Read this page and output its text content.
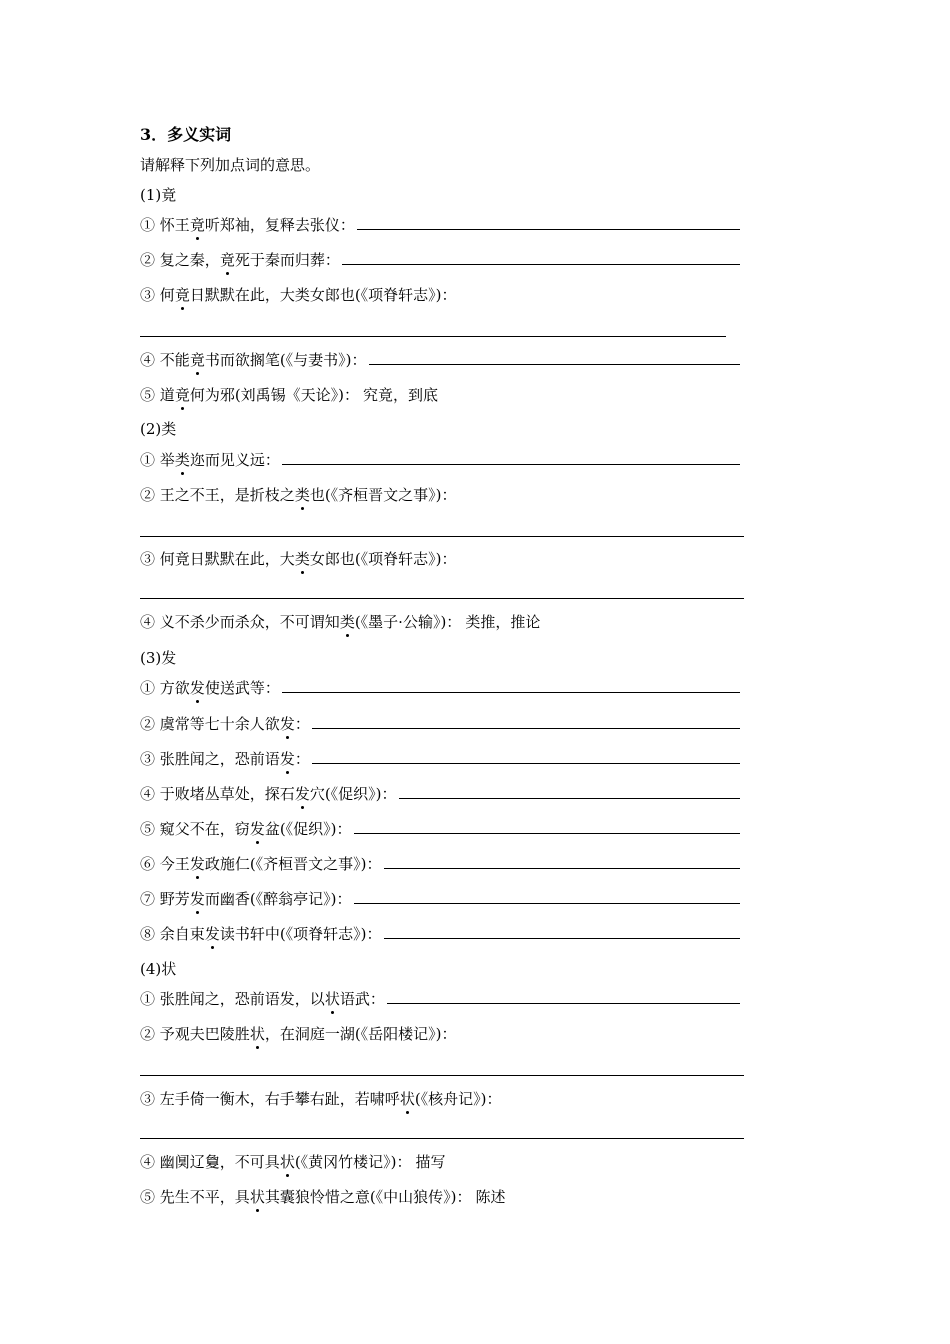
3．多义实词
请解释下列加点词的意思。
(1)竟
① 怀王竟听郑袖，复释去张仪：
② 复之秦，竟死于秦而归葬：
③ 何竟日默默在此，大类女郎也(《项脊轩志》)：
④ 不能竟书而欲搁笔(《与妻书》)：
⑤ 道竟何为邪(刘禹锡《天论》)： 究竟，到底
(2)类
① 举类迩而见义远：
② 王之不王，是折枝之类也(《齐桓晋文之事》)：
③ 何竟日默默在此，大类女郎也(《项脊轩志》)：
④ 义不杀少而杀众，不可谓知类(《墨子·公输》)： 类推，推论
(3)发
① 方欲发使送武等：
② 虞常等七十余人欲发：
③ 张胜闻之，恐前语发：
④ 于败堵丛草处，探石发穴(《促织》)：
⑤ 窥父不在，窃发盆(《促织》)：
⑥ 今王发政施仁(《齐桓晋文之事》)：
⑦ 野芳发而幽香(《醉翁亭记》)：
⑧ 余自束发读书轩中(《项脊轩志》)：
(4)状
① 张胜闻之，恐前语发，以状语武：
② 予观夫巴陵胜状，在洞庭一湖(《岳阳楼记》)：
③ 左手倚一衡木，右手攀右趾，若啸呼状(《核舟记》)：
④ 幽阒辽敻，不可具状(《黄冈竹楼记》)： 描写
⑤ 先生不平，具状其囊狼怜惜之意(《中山狼传》)： 陈述
